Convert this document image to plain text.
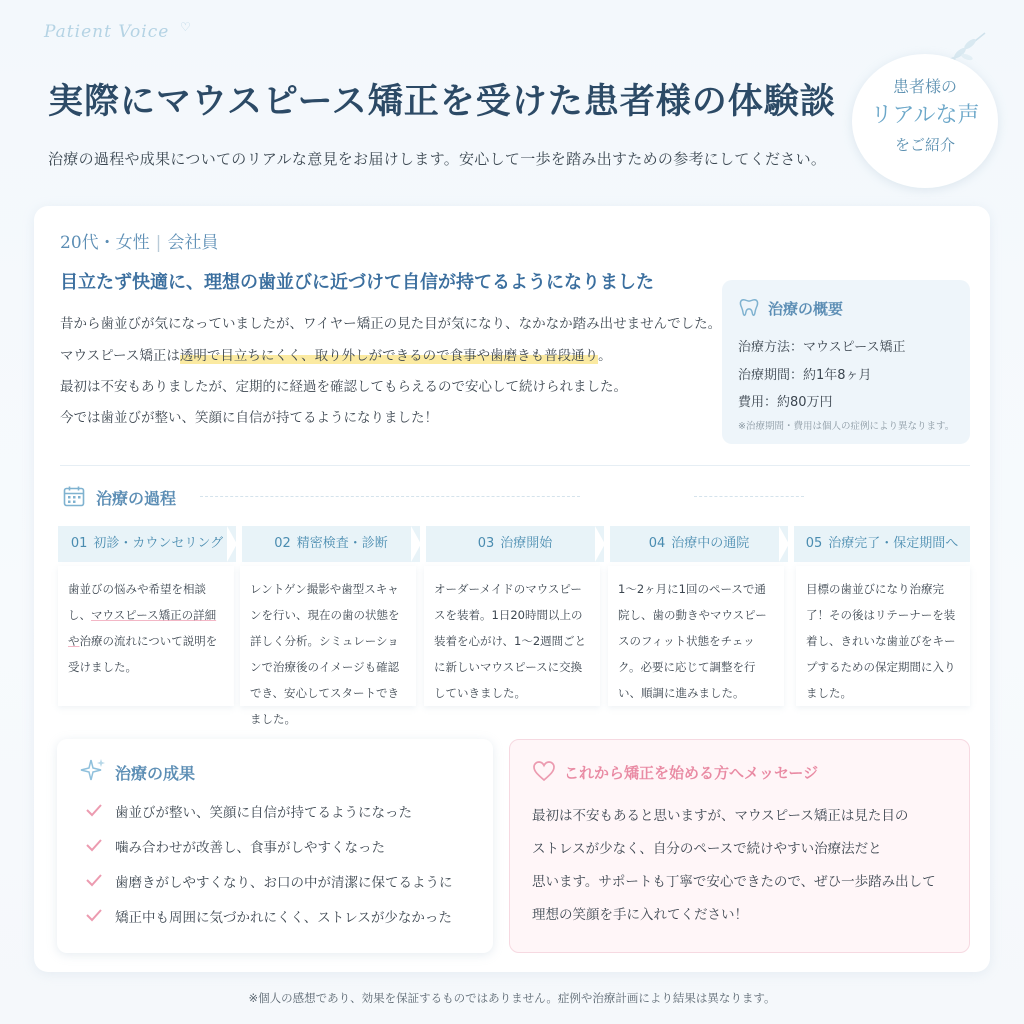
Patient Voice ♡
実際にマウスピース矯正を受けた患者様の体験談
治療の過程や成果についてのリアルな意見をお届けします。安心して一歩を踏み出すための参考にしてください。
患者様の
リアルな声
をご紹介
20代・女性 | 会社員
目立たず快適に、理想の歯並びに近づけて自信が持てるようになりました
昔から歯並びが気になっていましたが、ワイヤー矯正の見た目が気になり、なかなか踏み出せませんでした。
マウスピース矯正は透明で目立ちにくく、取り外しができるので食事や歯磨きも普段通り。
最初は不安もありましたが、定期的に経過を確認してもらえるので安心して続けられました。
今では歯並びが整い、笑顔に自信が持てるようになりました！
治療の概要
治療方法：マウスピース矯正
治療期間：約1年8ヶ月
費用：約80万円
※治療期間・費用は個人の症例により異なります。
治療の過程
01 初診・カウンセリング	02 精密検査・診断	03 治療開始	04 治療中の通院	05 治療完了・保定期間へ
歯並びの悩みや希望を相談し、マウスピース矯正の詳細や治療の流れについて説明を受けました。
レントゲン撮影や歯型スキャンを行い、現在の歯の状態を詳しく分析。シミュレーションで治療後のイメージも確認でき、安心してスタートできました。
オーダーメイドのマウスピースを装着。1日20時間以上の装着を心がけ、1〜2週間ごとに新しいマウスピースに交換していきました。
1〜2ヶ月に1回のペースで通院し、歯の動きやマウスピースのフィット状態をチェック。必要に応じて調整を行い、順調に進みました。
目標の歯並びになり治療完了！その後はリテーナーを装着し、きれいな歯並びをキープするための保定期間に入りました。
治療の成果
歯並びが整い、笑顔に自信が持てるようになった
噛み合わせが改善し、食事がしやすくなった
歯磨きがしやすくなり、お口の中が清潔に保てるように
矯正中も周囲に気づかれにくく、ストレスが少なかった
これから矯正を始める方へメッセージ
最初は不安もあると思いますが、マウスピース矯正は見た目の
ストレスが少なく、自分のペースで続けやすい治療法だと
思います。サポートも丁寧で安心できたので、ぜひ一歩踏み出して
理想の笑顔を手に入れてください！
※個人の感想であり、効果を保証するものではありません。症例や治療計画により結果は異なります。
